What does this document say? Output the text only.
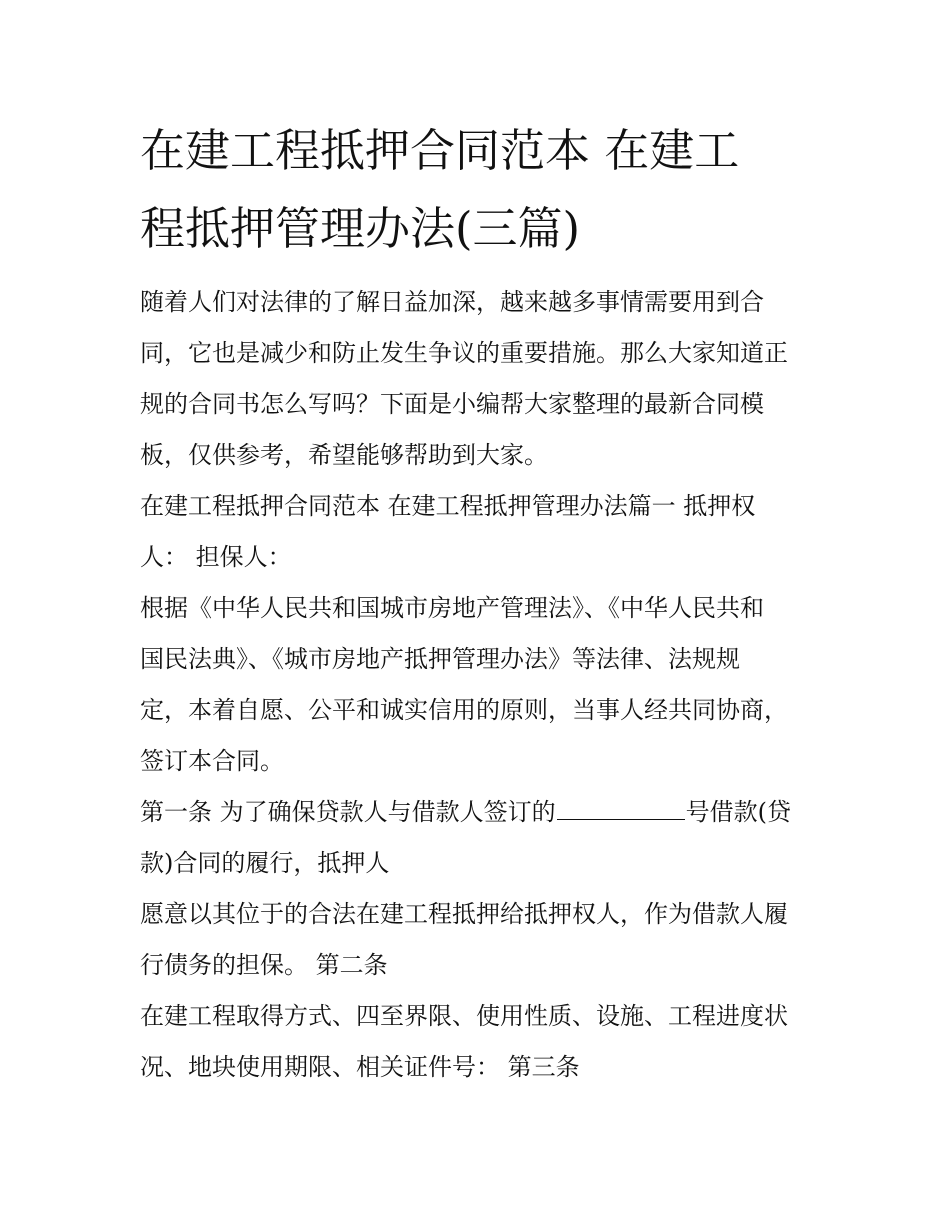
在建工程抵押合同范本 在建工
程抵押管理办法(三篇)
随着人们对法律的了解日益加深，越来越多事情需要用到合
同，它也是减少和防止发生争议的重要措施。那么大家知道正
规的合同书怎么写吗？下面是小编帮大家整理的最新合同模
板，仅供参考，希望能够帮助到大家。
在建工程抵押合同范本 在建工程抵押管理办法篇一 抵押权
人： 担保人：
根据《中华人民共和国城市房地产管理法》、《中华人民共和
国民法典》、《城市房地产抵押管理办法》等法律、法规规
定，本着自愿、公平和诚实信用的原则，当事人经共同协商，
签订本合同。
第一条 为了确保贷款人与借款人签订的	号借款(贷
款)合同的履行，抵押人
愿意以其位于的合法在建工程抵押给抵押权人，作为借款人履
行债务的担保。 第二条
在建工程取得方式、四至界限、使用性质、设施、工程进度状
况、地块使用期限、相关证件号： 第三条
